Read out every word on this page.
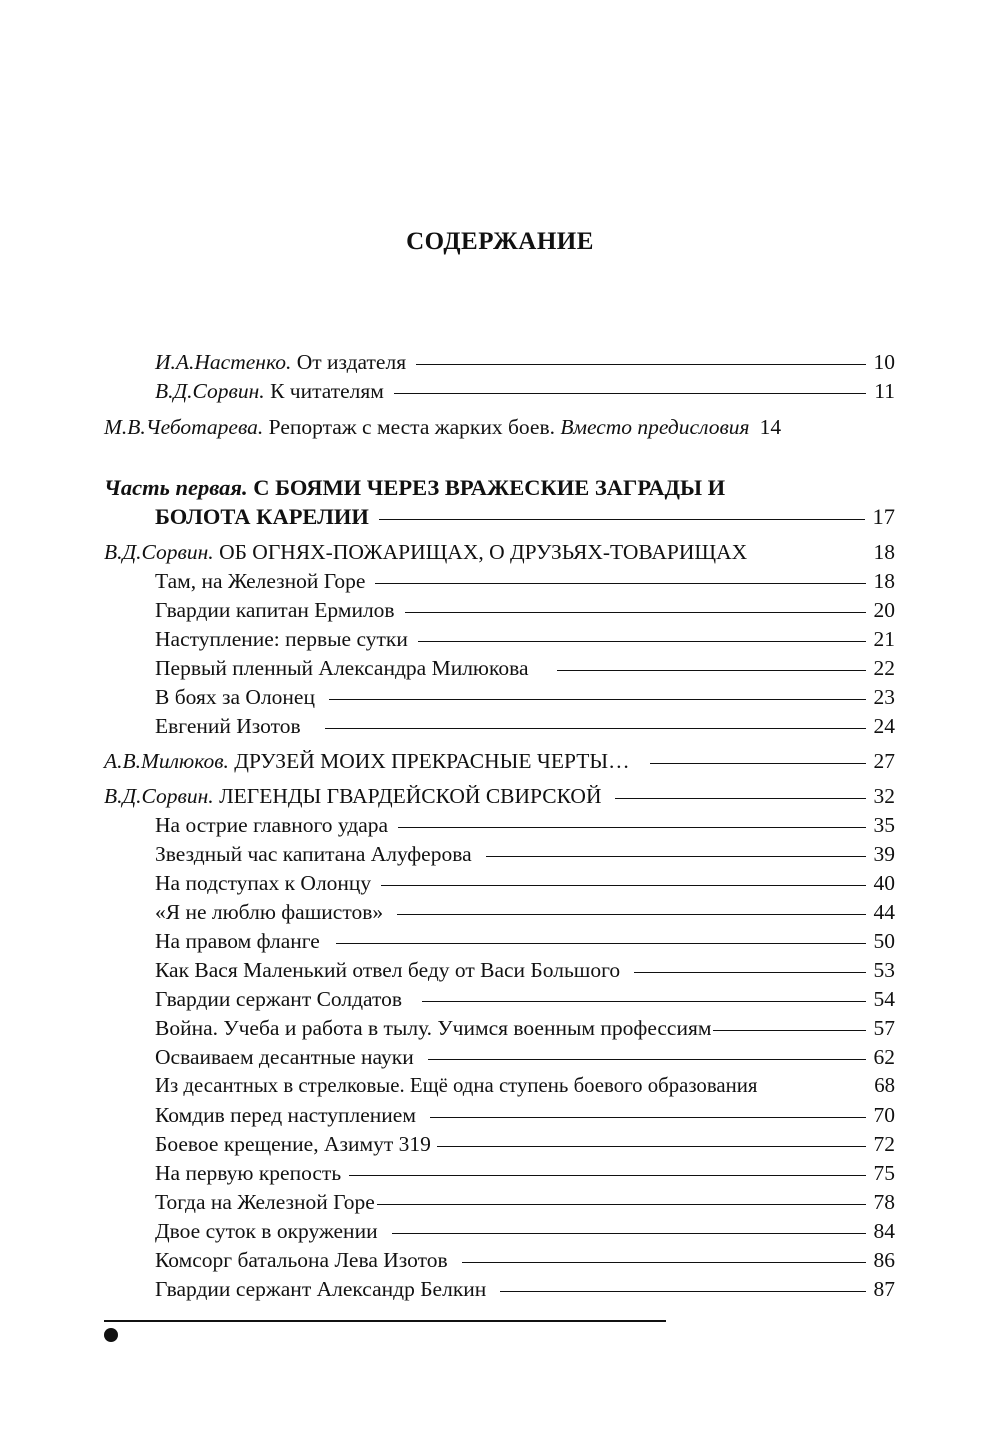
СОДЕРЖАНИЕ
И.А.Настенко. От издателя	10
В.Д.Сорвин. К читателям	11
М.В.Чеботарева. Репортаж с места жарких боев. Вместо предисловия 14
Часть первая. С БОЯМИ ЧЕРЕЗ ВРАЖЕСКИЕ ЗАГРАДЫ И
БОЛОТА КАРЕЛИИ	17
В.Д.Сорвин. ОБ ОГНЯХ-ПОЖАРИЩАХ, О ДРУЗЬЯХ-ТОВАРИЩАХ	18
Там, на Железной Горе	18
Гвардии капитан Ермилов	20
Наступление: первые сутки	21
Первый пленный Александра Милюкова	22
В боях за Олонец	23
Евгений Изотов	24
А.В.Милюков. ДРУЗЕЙ МОИХ ПРЕКРАСНЫЕ ЧЕРТЫ…	27
В.Д.Сорвин. ЛЕГЕНДЫ ГВАРДЕЙСКОЙ СВИРСКОЙ	32
На острие главного удара	35
Звездный час капитана Алуферова	39
На подступах к Олонцу	40
«Я не люблю фашистов»	44
На правом фланге	50
Как Вася Маленький отвел беду от Васи Большого	53
Гвардии сержант Солдатов	54
Война. Учеба и работа в тылу. Учимся военным профессиям	57
Осваиваем десантные науки	62
Из десантных в стрелковые. Ещё одна ступень боевого образования	68
Комдив перед наступлением	70
Боевое крещение, Азимут 319	72
На первую крепость	75
Тогда на Железной Горе	78
Двое суток в окружении	84
Комсорг батальона Лева Изотов	86
Гвардии сержант Александр Белкин	87
